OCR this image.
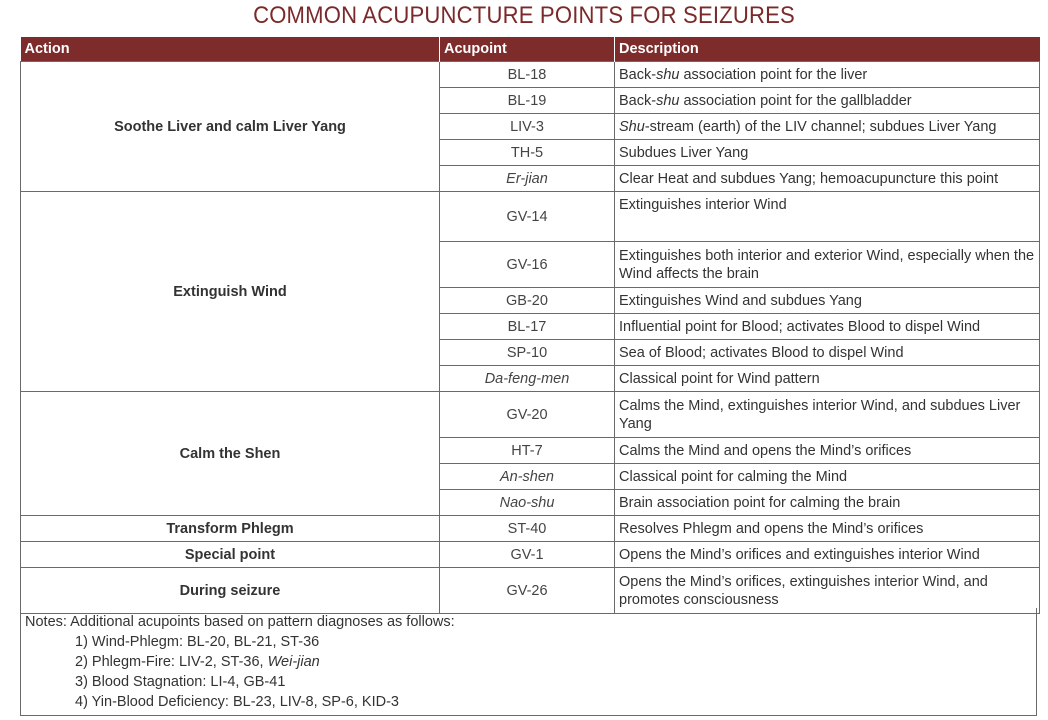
COMMON ACUPUNCTURE POINTS FOR SEIZURES
Action	Acupoint	Description
Soothe Liver and calm Liver Yang	BL-18	Back-shu association point for the liver
	BL-19	Back-shu association point for the gallbladder
	LIV-3	Shu-stream (earth) of the LIV channel; subdues Liver Yang
	TH-5	Subdues Liver Yang
	Er-jian	Clear Heat and subdues Yang; hemoacupuncture this point
Extinguish Wind	GV-14	Extinguishes interior Wind
	GV-16	Extinguishes both interior and exterior Wind, especially when the Wind affects the brain
	GB-20	Extinguishes Wind and subdues Yang
	BL-17	Influential point for Blood; activates Blood to dispel Wind
	SP-10	Sea of Blood; activates Blood to dispel Wind
	Da-feng-men	Classical point for Wind pattern
Calm the Shen	GV-20	Calms the Mind, extinguishes interior Wind, and subdues Liver Yang
	HT-7	Calms the Mind and opens the Mind’s orifices
	An-shen	Classical point for calming the Mind
	Nao-shu	Brain association point for calming the brain
Transform Phlegm	ST-40	Resolves Phlegm and opens the Mind’s orifices
Special point	GV-1	Opens the Mind’s orifices and extinguishes interior Wind
During seizure	GV-26	Opens the Mind’s orifices, extinguishes interior Wind, and promotes consciousness
Notes: Additional acupoints based on pattern diagnoses as follows:
1) Wind-Phlegm: BL-20, BL-21, ST-36
2) Phlegm-Fire: LIV-2, ST-36, Wei-jian
3) Blood Stagnation: LI-4, GB-41
4) Yin-Blood Deficiency: BL-23, LIV-8, SP-6, KID-3
